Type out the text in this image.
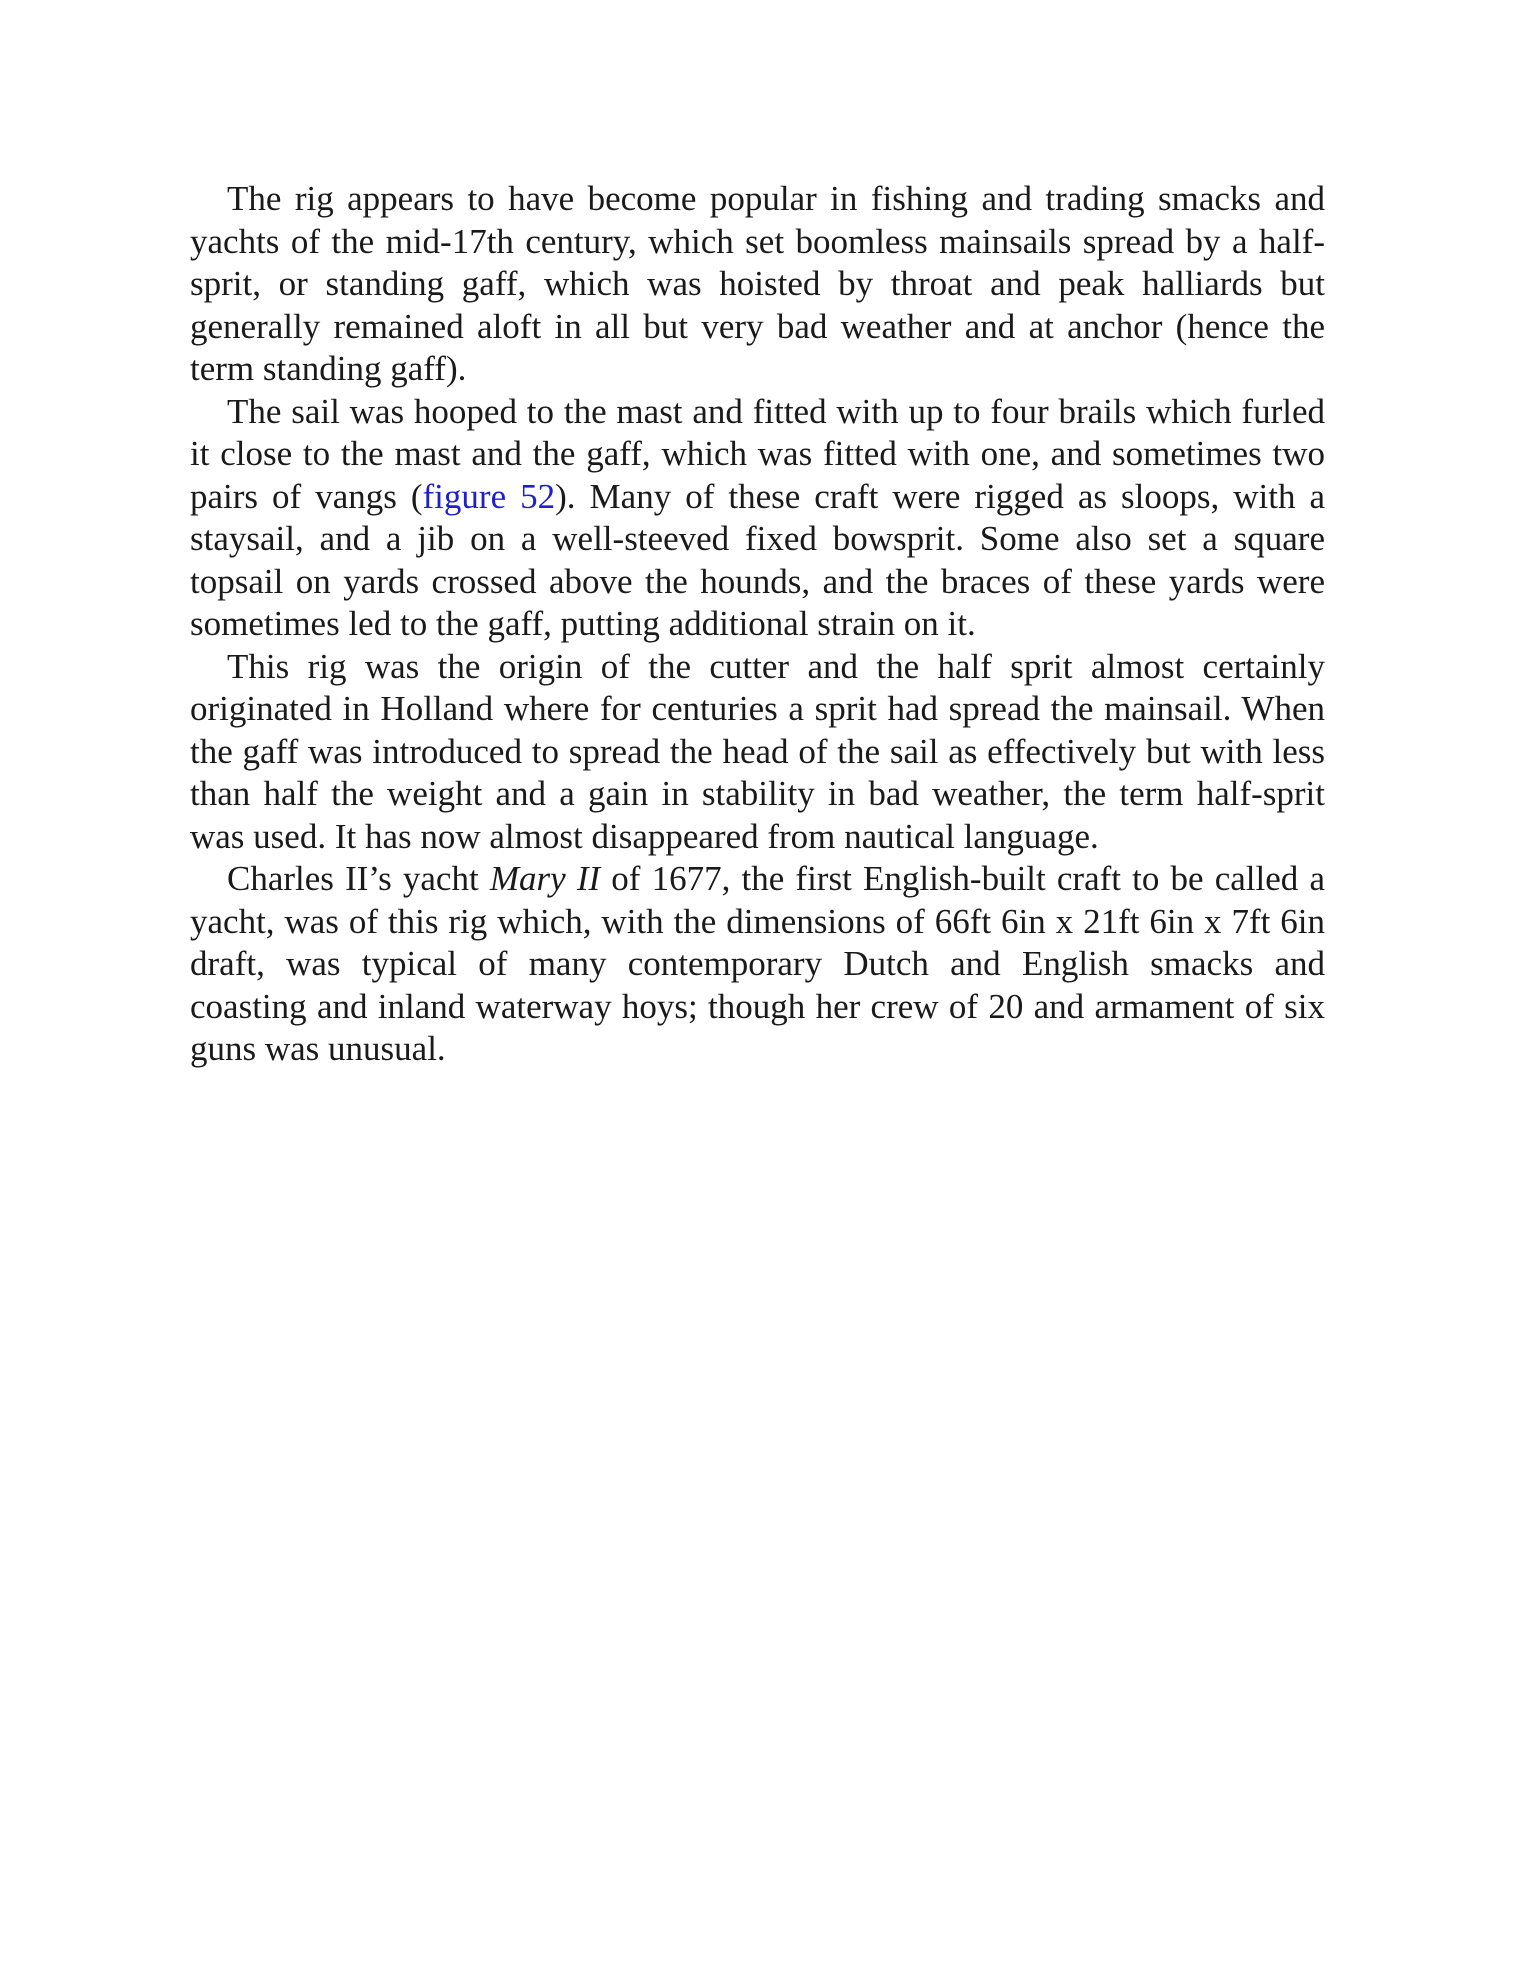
The rig appears to have become popular in fishing and trading smacks and yachts of the mid-17th century, which set boomless mainsails spread by a half-sprit, or standing gaff, which was hoisted by throat and peak halliards but generally remained aloft in all but very bad weather and at anchor (hence the term standing gaff).

The sail was hooped to the mast and fitted with up to four brails which furled it close to the mast and the gaff, which was fitted with one, and sometimes two pairs of vangs (figure 52). Many of these craft were rigged as sloops, with a staysail, and a jib on a well-steeved fixed bowsprit. Some also set a square topsail on yards crossed above the hounds, and the braces of these yards were sometimes led to the gaff, putting additional strain on it.

This rig was the origin of the cutter and the half sprit almost certainly originated in Holland where for centuries a sprit had spread the mainsail. When the gaff was introduced to spread the head of the sail as effectively but with less than half the weight and a gain in stability in bad weather, the term half-sprit was used. It has now almost disappeared from nautical language.

Charles II’s yacht Mary II of 1677, the first English-built craft to be called a yacht, was of this rig which, with the dimensions of 66ft 6in x 21ft 6in x 7ft 6in draft, was typical of many contemporary Dutch and English smacks and coasting and inland waterway hoys; though her crew of 20 and armament of six guns was unusual.
